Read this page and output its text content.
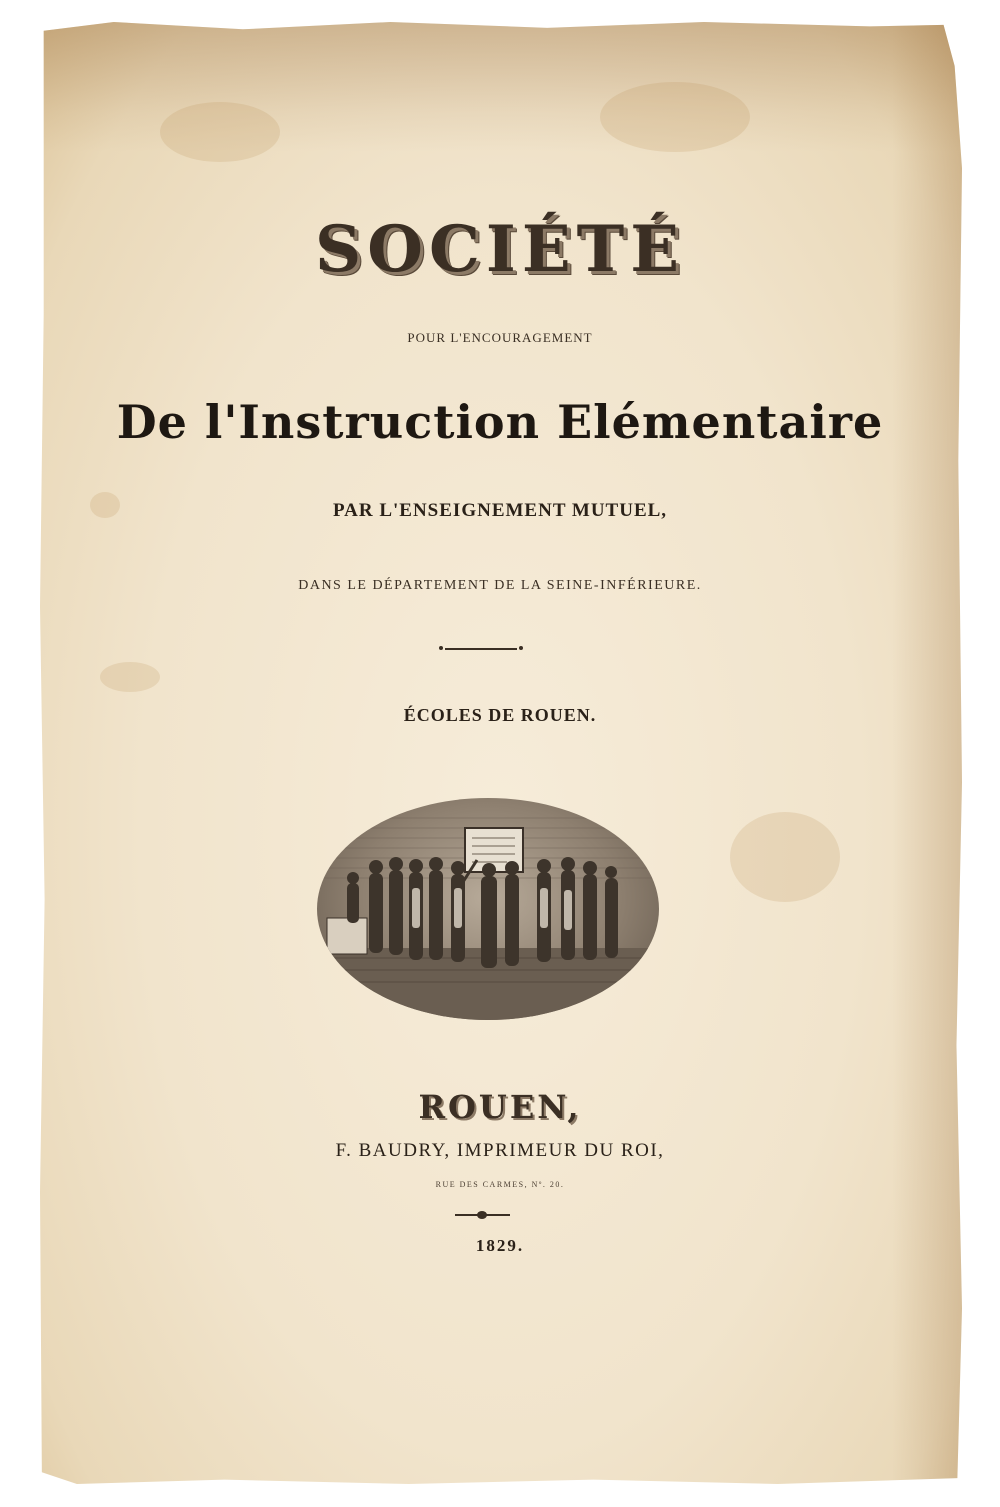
SOCIÉTÉ
POUR L'ENCOURAGEMENT
De l'Instruction Elémentaire
PAR L'ENSEIGNEMENT MUTUEL,
DANS LE DÉPARTEMENT DE LA SEINE-INFÉRIEURE.
ÉCOLES DE ROUEN.
ROUEN,
F. BAUDRY, IMPRIMEUR DU ROI,
RUE DES CARMES, Nº. 20.
1829.
